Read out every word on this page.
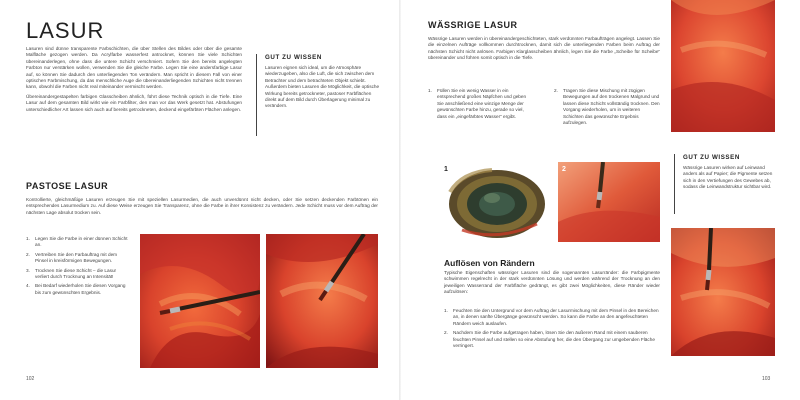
LASUR

Lasuren sind dünne transparente Farbschichten, die über Stellen des Bildes oder über die gesamte Malfläche gezogen werden. Da Acrylfarbe wasserfest antrocknet, können Sie viele Schichten übereinanderlegen, ohne dass die untere Schicht verschmiert. Sofern Sie den bereits angelegten Farbton nur verstärken wollen, verwenden Sie die gleiche Farbe. Legen Sie eine andersfarbige Lasur auf, so können Sie dadurch den unterliegenden Ton verändern. Man spricht in diesem Fall von einer optischen Farbmischung, da das menschliche Auge die übereinanderliegenden Schichten nicht trennen kann, obwohl die Farben nicht real miteinander vermischt werden.

Übereinandergestapelten farbigen Glasscheiben ähnlich, führt diese Technik optisch in die Tiefe. Eine Lasur auf dem gesamten Bild wirkt wie ein Farbfilter, den man vor das Werk gesetzt hat. Abstufungen unterschiedlicher Art lassen sich auch auf bereits getrockneten, deckend eingefärbten Flächen anlegen.

GUT ZU WISSEN
Lasuren eignen sich ideal, um die Atmosphäre wiederzugeben, also die Luft, die sich zwischen dem Betrachter und dem betrachteten Objekt schiebt. Außerdem bieten Lasuren die Möglichkeit, die optische Wirkung bereits getrockneter, pastoser Farbflächen direkt auf dem Bild durch Überlagerung minimal zu verändern.
PASTOSE LASUR
Kontrollierte, gleichmäßige Lasuren erzeugen Sie mit speziellen Lasurmedien, die auch unverdünnt nicht decken, oder Sie setzen deckenden Farbtönen ein entsprechendes Lasurmedium zu. Auf diese Weise erzeugen Sie Transparenz, ohne die Farbe in ihrer Konsistenz zu verändern. Jede Schicht muss vor dem Auftrag der nächsten Lage absolut trocken sein.
1.	Legen Sie die Farbe in einer dünnen Schicht an.
2.	Vertreiben Sie den Farbauftrag mit dem Pinsel in kreisförmigen Bewegungen.
3.	Trocknen Sie diese Schicht – die Lasur verliert durch Trocknung an Intensität!
4.	Bei Bedarf wiederholen Sie diesen Vorgang bis zum gewünschten Ergebnis.
102
WÄSSRIGE LASUR
Wässrige Lasuren werden in übereinandergeschichteten, stark verdünnten Farbaufträgen angelegt. Lassen Sie die einzelnen Aufträge vollkommen durchtrocknen, damit sich die unterliegenden Farben beim Auftrag der nächsten Schicht nicht anlösen. Farbigen Klarglasscheiben ähnlich, legen Sie die Farbe „Scheibe für Scheibe“ übereinander und führen somit optisch in die Tiefe.
1.	Füllen Sie ein wenig Wasser in ein entsprechend großes Näpfchen und geben Sie anschließend eine winzige Menge der gewünschten Farbe hinzu, gerade so viel, dass ein „eingefärbtes Wasser“ ergibt.
2.	Tragen Sie diese Mischung mit zügigen Bewegungen auf den trockenen Malgrund und lassen diese Schicht vollständig trocknen. Den Vorgang wiederholen, um in weiteren Schichten das gewünschte Ergebnis aufzulegen.
1	2
GUT ZU WISSEN
Wässrige Lasuren wirken auf Leinwand anders als auf Papier; die Pigmente setzen sich in den Vertiefungen des Gewebes ab, sodass die Leinwandstruktur sichtbar wird.
Auflösen von Rändern
Typische Eigenschaften wässriger Lasuren sind die sogenannten Lasurränder: die Farbpigmente schwimmen regelrecht in der stark verdünnten Lösung und werden während der Trocknung an den jeweiligen Wasserrand der Farbfläche gedrängt, es gibt zwei Möglichkeiten, diese Ränder wieder aufzulösen:
1.	Feuchten Sie den Untergrund vor dem Auftrag der Lasurmischung mit dem Pinsel in den Bereichen an, in denen sanfte Übergänge gewünscht werden. So kann die Farbe an den angefeuchteten Rändern weich auslaufen.
2.	Nachdem Sie die Farbe aufgetragen haben, lösen Sie den äußeren Rand mit einem sauberen feuchten Pinsel auf und stellen so eine Abstufung her, die den Übergang zur umgebenden Fläche verringert.
103
